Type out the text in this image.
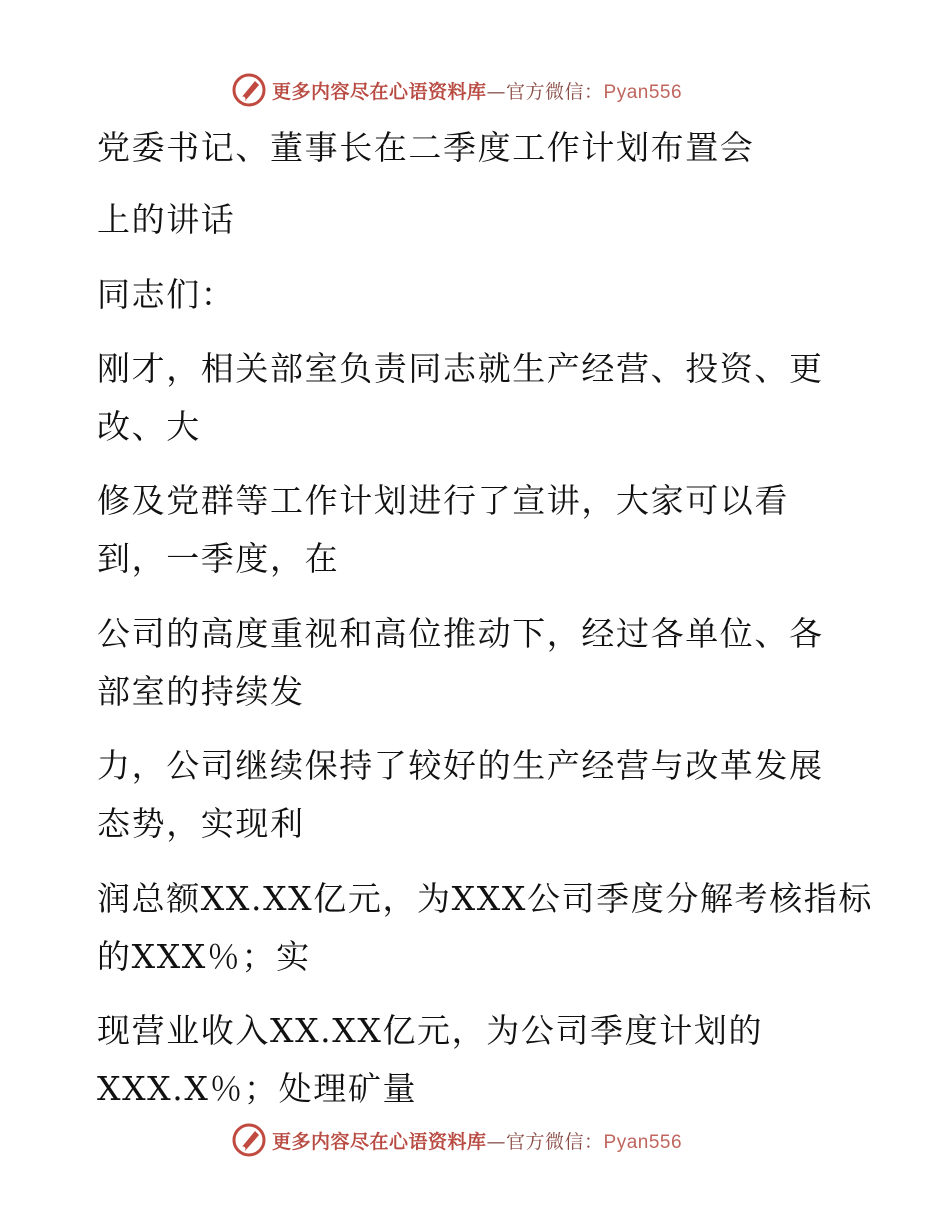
更多内容尽在心语资料库—官方微信：Pyan556
党委书记、董事长在二季度工作计划布置会
上的讲话
同志们：
刚才，相关部室负责同志就生产经营、投资、更
改、大
修及党群等工作计划进行了宣讲，大家可以看
到，一季度，在
公司的高度重视和高位推动下，经过各单位、各
部室的持续发
力，公司继续保持了较好的生产经营与改革发展
态势，实现利
润总额XX.XX亿元，为XXX公司季度分解考核指标
的XXX％；实
现营业收入XX.XX亿元，为公司季度计划的
XXX.X％；处理矿量
更多内容尽在心语资料库—官方微信：Pyan556
